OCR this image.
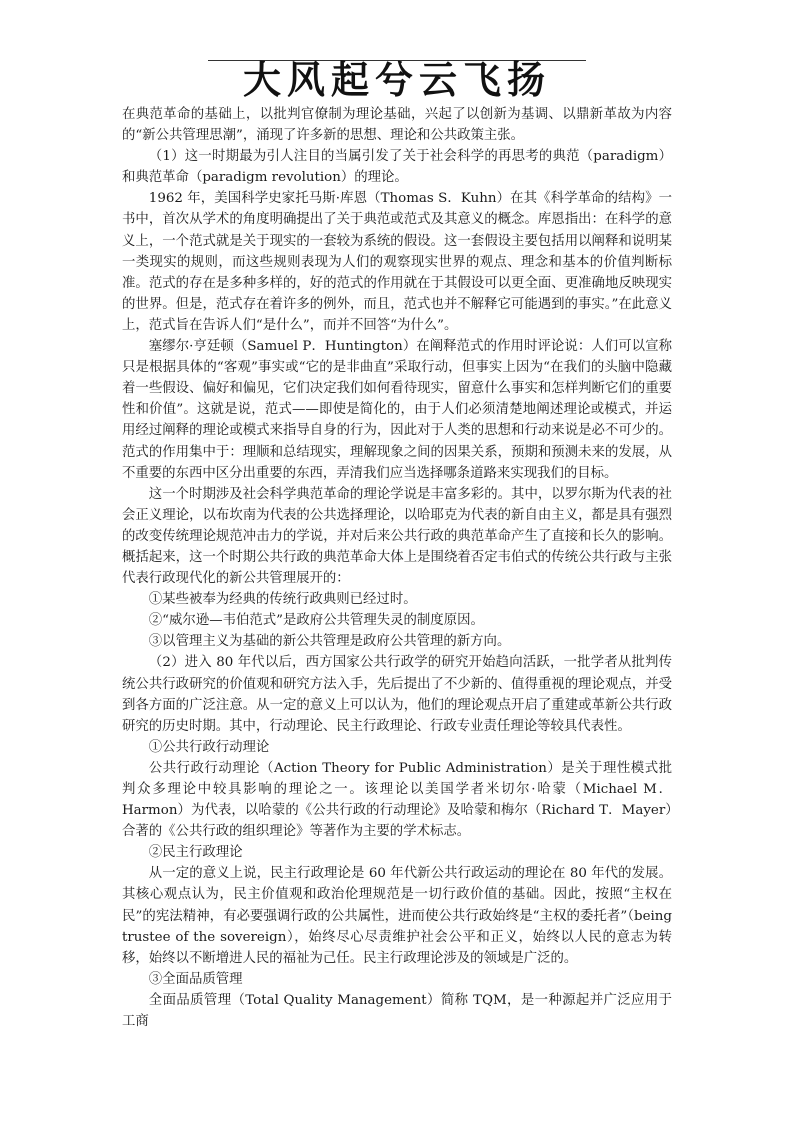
大风起兮云飞扬

在典范革命的基础上，以批判官僚制为理论基础，兴起了以创新为基调、以鼎新革故为内容的“新公共管理思潮”，涌现了许多新的思想、理论和公共政策主张。

（1）这一时期最为引人注目的当属引发了关于社会科学的再思考的典范（paradigm）和典范革命（paradigm revolution）的理论。

1962 年，美国科学史家托马斯·库恩（Thomas S．Kuhn）在其《科学革命的结构》一书中，首次从学术的角度明确提出了关于典范或范式及其意义的概念。库恩指出：在科学的意义上，一个范式就是关于现实的一套较为系统的假设。这一套假设主要包括用以阐释和说明某一类现实的规则，而这些规则表现为人们的观察现实世界的观点、理念和基本的价值判断标准。范式的存在是多种多样的，好的范式的作用就在于其假设可以更全面、更准确地反映现实的世界。但是，范式存在着许多的例外，而且，范式也并不解释它可能遇到的事实。”在此意义上，范式旨在告诉人们“是什么”，而并不回答“为什么”。

塞缪尔·亨廷顿（Samuel P．Huntington）在阐释范式的作用时评论说：人们可以宣称只是根据具体的“客观”事实或“它的是非曲直”采取行动，但事实上因为“在我们的头脑中隐藏着一些假设、偏好和偏见，它们决定我们如何看待现实，留意什么事实和怎样判断它们的重要性和价值”。这就是说，范式——即使是简化的，由于人们必须清楚地阐述理论或模式，并运用经过阐释的理论或模式来指导自身的行为，因此对于人类的思想和行动来说是必不可少的。范式的作用集中于：理顺和总结现实，理解现象之间的因果关系，预期和预测未来的发展，从不重要的东西中区分出重要的东西，弄清我们应当选择哪条道路来实现我们的目标。

这一个时期涉及社会科学典范革命的理论学说是丰富多彩的。其中，以罗尔斯为代表的社会正义理论，以布坎南为代表的公共选择理论，以哈耶克为代表的新自由主义，都是具有强烈的改变传统理论规范冲击力的学说，并对后来公共行政的典范革命产生了直接和长久的影响。概括起来，这一个时期公共行政的典范革命大体上是围绕着否定韦伯式的传统公共行政与主张代表行政现代化的新公共管理展开的：

①某些被奉为经典的传统行政典则已经过时。

②“威尔逊—韦伯范式”是政府公共管理失灵的制度原因。

③以管理主义为基础的新公共管理是政府公共管理的新方向。

（2）进入 80 年代以后，西方国家公共行政学的研究开始趋向活跃，一批学者从批判传统公共行政研究的价值观和研究方法入手，先后提出了不少新的、值得重视的理论观点，并受到各方面的广泛注意。从一定的意义上可以认为，他们的理论观点开启了重建或革新公共行政研究的历史时期。其中，行动理论、民主行政理论、行政专业责任理论等较具代表性。

①公共行政行动理论

公共行政行动理论（Action Theory for Public Administration）是关于理性模式批判众多理论中较具影响的理论之一。该理论以美国学者米切尔·哈蒙（Michael M．Harmon）为代表，以哈蒙的《公共行政的行动理论》及哈蒙和梅尔（Richard T．Mayer）合著的《公共行政的组织理论》等著作为主要的学术标志。

②民主行政理论

从一定的意义上说，民主行政理论是 60 年代新公共行政运动的理论在 80 年代的发展。其核心观点认为，民主价值观和政治伦理规范是一切行政价值的基础。因此，按照“主权在民”的宪法精神，有必要强调行政的公共属性，进而使公共行政始终是“主权的委托者”（being trustee of the sovereign），始终尽心尽责维护社会公平和正义，始终以人民的意志为转移，始终以不断增进人民的福祉为己任。民主行政理论涉及的领域是广泛的。

③全面品质管理

全面品质管理（Total Quality Management）简称 TQM，是一种源起并广泛应用于工商
